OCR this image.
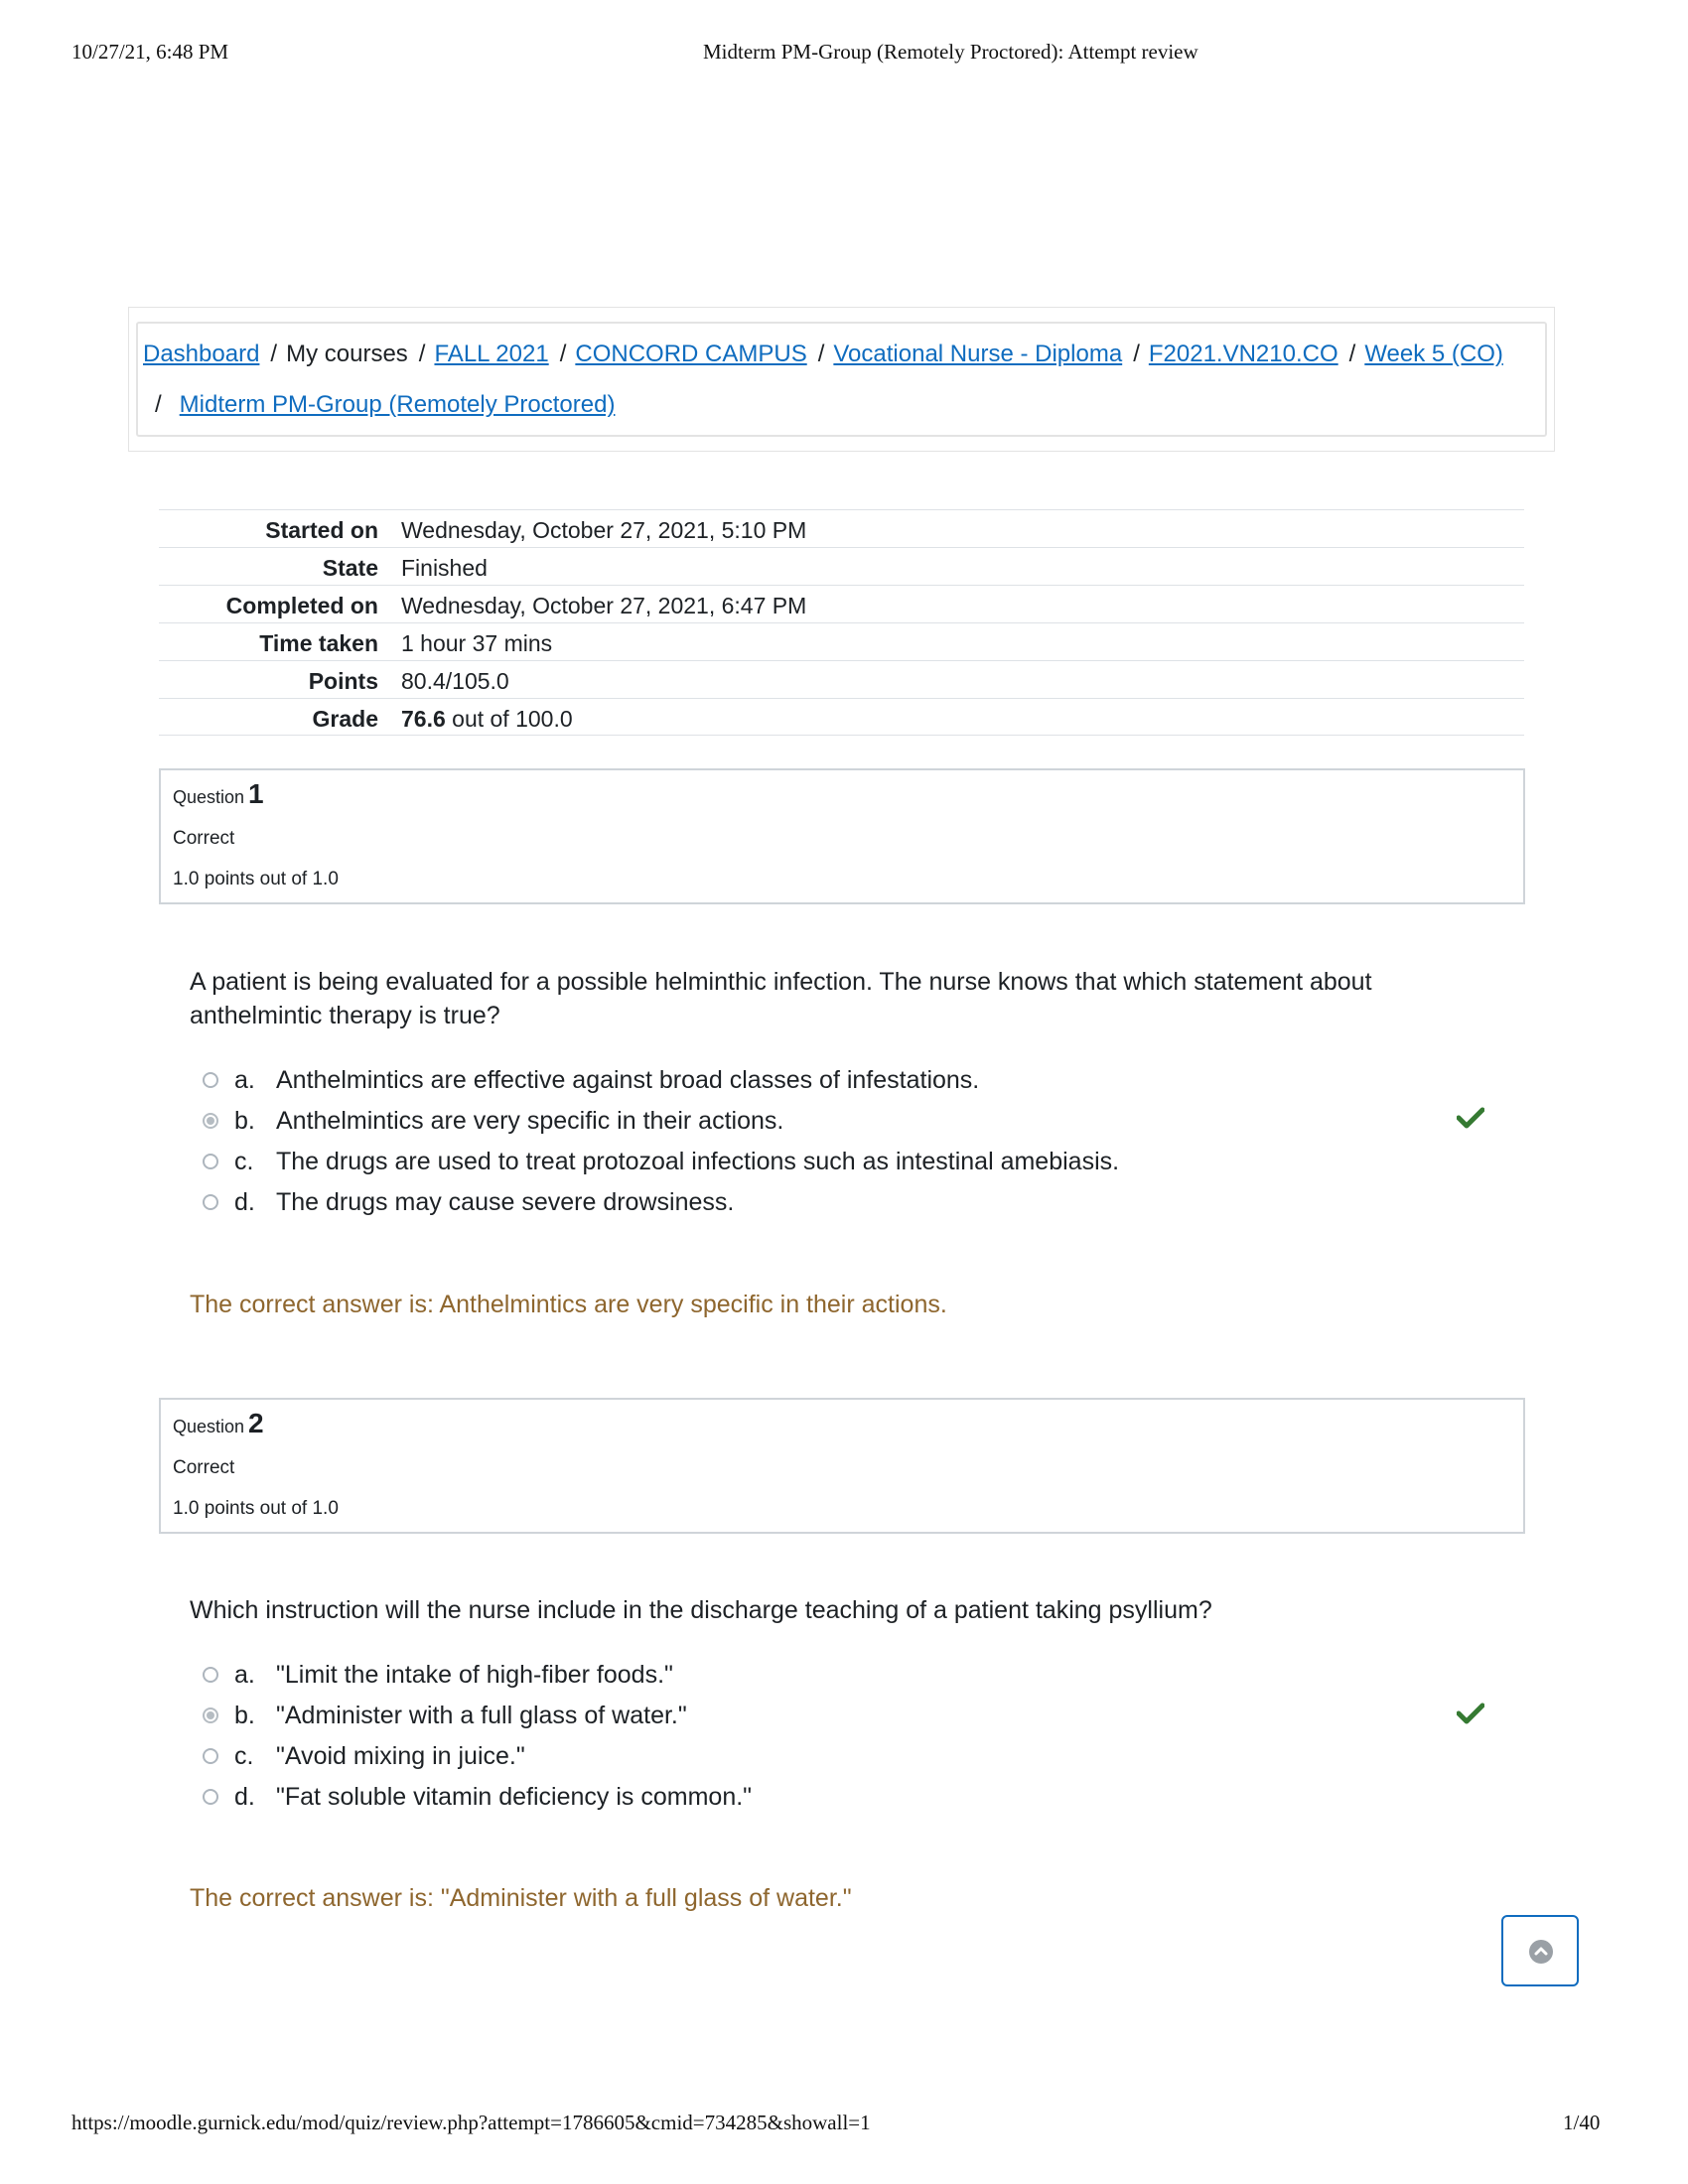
10/27/21, 6:48 PM	Midterm PM-Group (Remotely Proctored): Attempt review
Dashboard / My courses / FALL 2021 / CONCORD CAMPUS / Vocational Nurse - Diploma / F2021.VN210.CO / Week 5 (CO)
/ Midterm PM-Group (Remotely Proctored)
Started on Wednesday, October 27, 2021, 5:10 PM
State Finished
Completed on Wednesday, October 27, 2021, 6:47 PM
Time taken 1 hour 37 mins
Points 80.4/105.0
Grade 76.6 out of 100.0
Question 1
Correct
1.0 points out of 1.0
A patient is being evaluated for a possible helminthic infection. The nurse knows that which statement about anthelmintic therapy is true?
a. Anthelmintics are effective against broad classes of infestations.
b. Anthelmintics are very specific in their actions.
c. The drugs are used to treat protozoal infections such as intestinal amebiasis.
d. The drugs may cause severe drowsiness.
The correct answer is: Anthelmintics are very specific in their actions.
Question 2
Correct
1.0 points out of 1.0
Which instruction will the nurse include in the discharge teaching of a patient taking psyllium?
a. "Limit the intake of high-fiber foods."
b. "Administer with a full glass of water."
c. "Avoid mixing in juice."
d. "Fat soluble vitamin deficiency is common."
The correct answer is: "Administer with a full glass of water."
https://moodle.gurnick.edu/mod/quiz/review.php?attempt=1786605&cmid=734285&showall=1	1/40
